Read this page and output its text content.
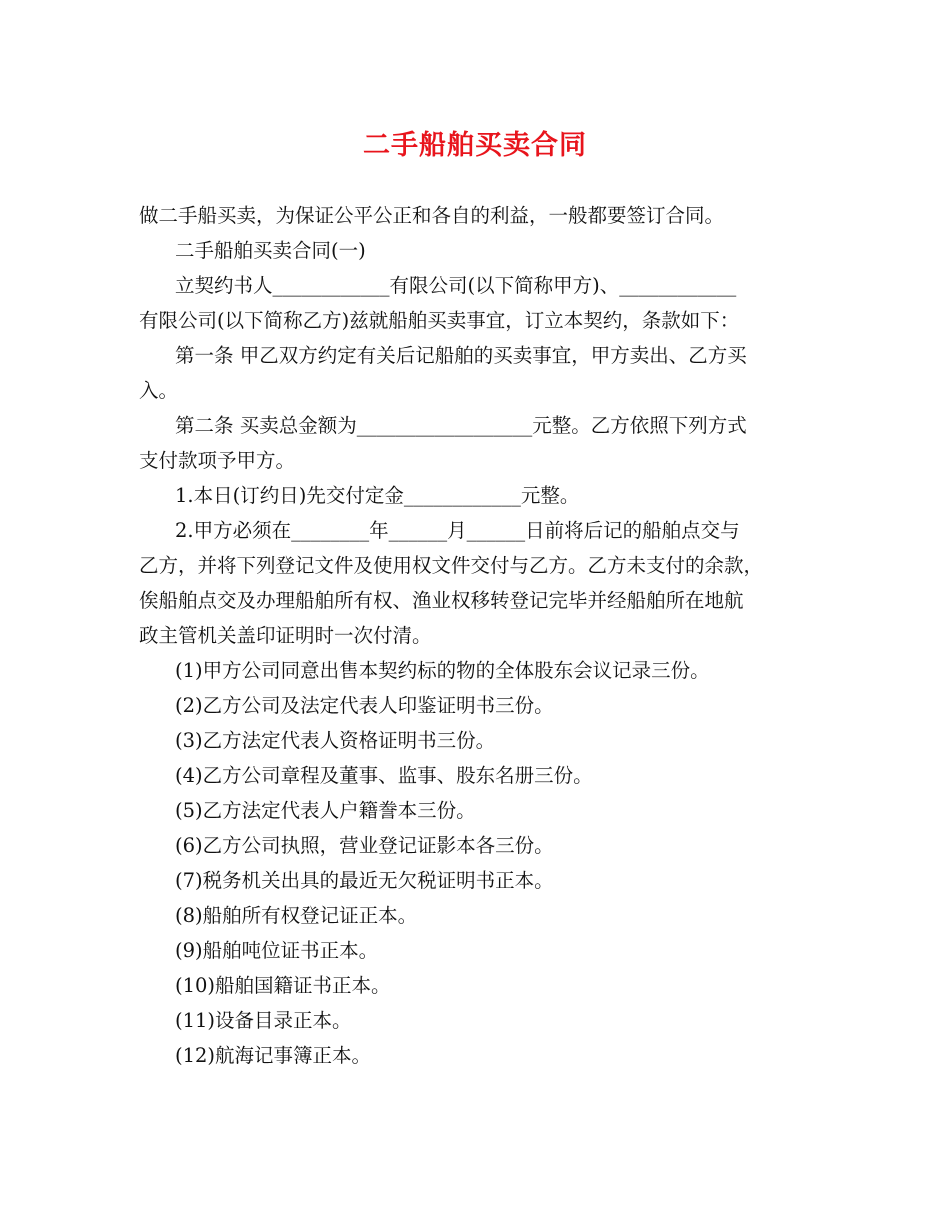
二手船舶买卖合同
做二手船买卖，为保证公平公正和各自的利益，一般都要签订合同。
二手船舶买卖合同(一)
立契约书人____________有限公司(以下简称甲方)、____________
有限公司(以下简称乙方)兹就船舶买卖事宜，订立本契约，条款如下：
第一条 甲乙双方约定有关后记船舶的买卖事宜，甲方卖出、乙方买
入。
第二条 买卖总金额为__________________元整。乙方依照下列方式
支付款项予甲方。
1.本日(订约日)先交付定金____________元整。
2.甲方必须在________年______月______日前将后记的船舶点交与
乙方，并将下列登记文件及使用权文件交付与乙方。乙方未支付的余款，
俟船舶点交及办理船舶所有权、渔业权移转登记完毕并经船舶所在地航
政主管机关盖印证明时一次付清。
(1)甲方公司同意出售本契约标的物的全体股东会议记录三份。
(2)乙方公司及法定代表人印鉴证明书三份。
(3)乙方法定代表人资格证明书三份。
(4)乙方公司章程及董事、监事、股东名册三份。
(5)乙方法定代表人户籍誊本三份。
(6)乙方公司执照，营业登记证影本各三份。
(7)税务机关出具的最近无欠税证明书正本。
(8)船舶所有权登记证正本。
(9)船舶吨位证书正本。
(10)船舶国籍证书正本。
(11)设备目录正本。
(12)航海记事簿正本。
